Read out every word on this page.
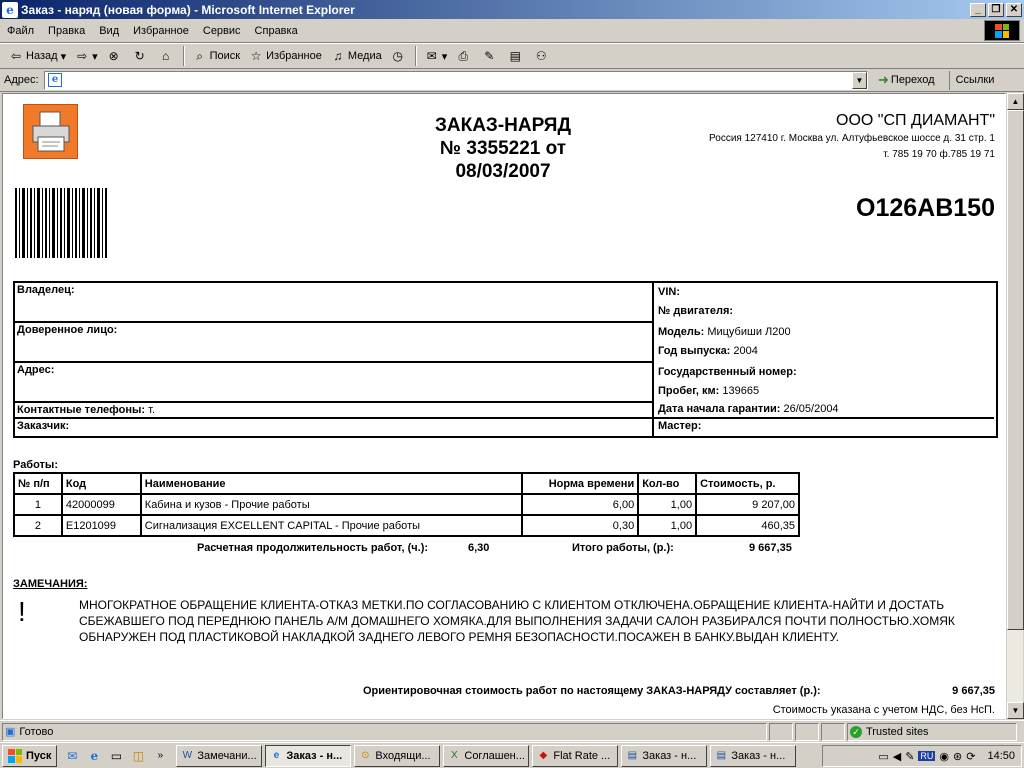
e Заказ - наряд (новая форма) - Microsoft Internet Explorer	_	❐ ✕
Файл	Правка	Вид	Избранное	Сервис	Справка
⇦ Назад ▾ ⇨ ▾ ⊗ ↻	⌂	⌕ Поиск ☆ Избранное ♫ Медиа ◷ ✉ ▾ ⎙ ✎ ▤ ⚇
Адрес:	e	▼ ➜ Переход	Ссылки
ЗАКАЗ-НАРЯД
№ 3355221 от
08/03/2007
ООО "СП ДИАМАНТ"
Россия 127410 г. Москва ул. Алтуфьевское шоссе д. 31 стр. 1
т. 785 19 70 ф.785 19 71
О126АВ150
Владелец:
Доверенное лицо:
Адрес:
Контактные телефоны: т.
Заказчик:
VIN:
№ двигателя:
Модель: Мицубиши Л200
Год выпуска: 2004
Государственный номер:
Пробег, км: 139665
Дата начала гарантии: 26/05/2004
Мастер:
Работы:
№ п/п	Код	Наименование	Норма времени	Кол-во	Стоимость, р.
1	42000099	Кабина и кузов - Прочие работы	6,00	1,00	9 207,00
2	E1201099	Сигнализация EXCELLENT CAPITAL - Прочие работы	0,30	1,00	460,35
Расчетная продолжительность работ, (ч.):	6,30	Итого работы, (р.):	9 667,35
ЗАМЕЧАНИЯ:
!	МНОГОКРАТНОЕ ОБРАЩЕНИЕ КЛИЕНТА-ОТКАЗ МЕТКИ.ПО СОГЛАСОВАНИЮ С КЛИЕНТОМ ОТКЛЮЧЕНА.ОБРАЩЕНИЕ КЛИЕНТА-НАЙТИ И ДОСТАТЬ СБЕЖАВШЕГО ПОД ПЕРЕДНЮЮ ПАНЕЛЬ А/М ДОМАШНЕГО ХОМЯКА.ДЛЯ ВЫПОЛНЕНИЯ ЗАДАЧИ САЛОН РАЗБИРАЛСЯ ПОЧТИ ПОЛНОСТЬЮ.ХОМЯК ОБНАРУЖЕН ПОД ПЛАСТИКОВОЙ НАКЛАДКОЙ ЗАДНЕГО ЛЕВОГО РЕМНЯ БЕЗОПАСНОСТИ.ПОСАЖЕН В БАНКУ.ВЫДАН КЛИЕНТУ.
Ориентировочная стоимость работ по настоящему ЗАКАЗ-НАРЯДУ составляет (р.):	9 667,35
Стоимость указана с учетом НДС, без НсП.
▲
▼
▣ Готово	✓ Trusted sites
Пуск	✉	e	▭ ◫	»	W Замечани...	e Заказ - н... ⊙ Входящи...	X Соглашен...	◆ Flat Rate ... ▤ Заказ - н... ▤ Заказ - н...	▭ ◀ ✎ RU ◉ ⊛ ⟳ 14:50
